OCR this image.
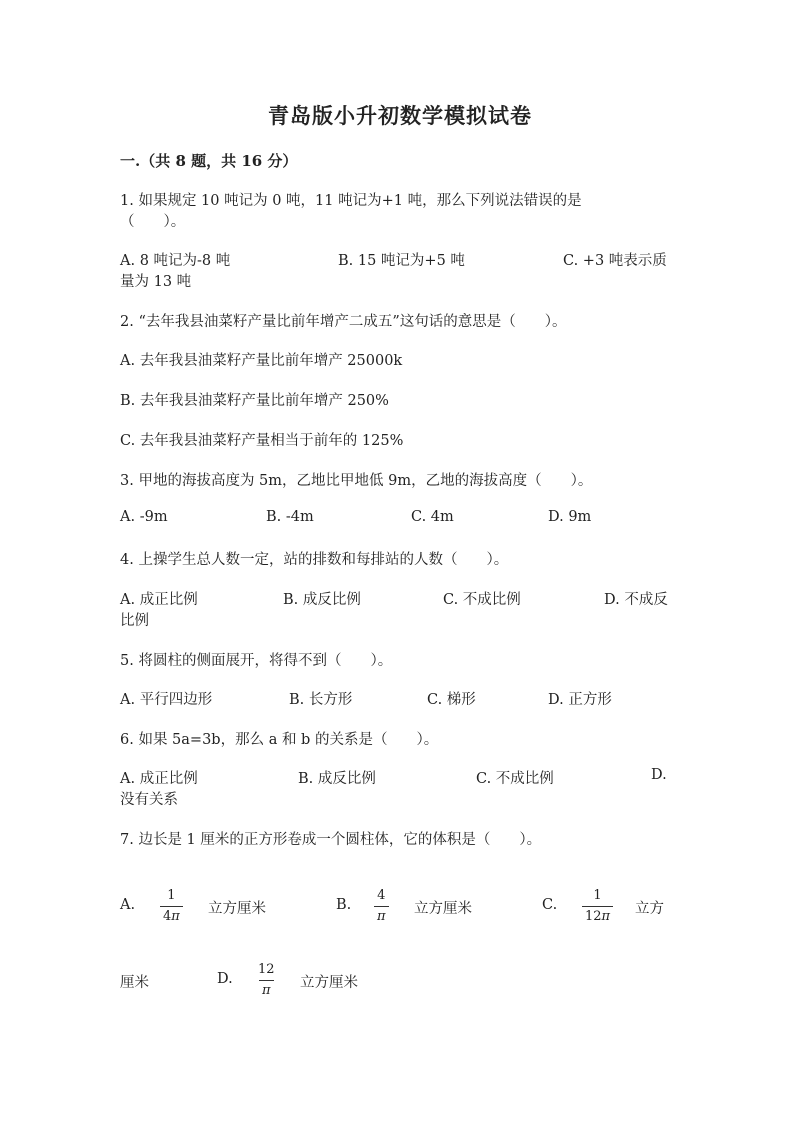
青岛版小升初数学模拟试卷
一.（共 8 题，共 16 分）
1. 如果规定 10 吨记为 0 吨，11 吨记为+1 吨，那么下列说法错误的是
（　　）。
A. 8 吨记为-8 吨	B. 15 吨记为+5 吨	C. +3 吨表示质
量为 13 吨
2. “去年我县油菜籽产量比前年增产二成五”这句话的意思是（　　）。
A. 去年我县油菜籽产量比前年增产 25000k
B. 去年我县油菜籽产量比前年增产 250%
C. 去年我县油菜籽产量相当于前年的 125%
3. 甲地的海拔高度为 5m，乙地比甲地低 9m，乙地的海拔高度（　　）。
A. -9m	B. -4m	C. 4m	D. 9m
4. 上操学生总人数一定，站的排数和每排站的人数（　　）。
A. 成正比例	B. 成反比例	C. 不成比例	D. 不成反
比例
5. 将圆柱的侧面展开，将得不到（　　）。
A. 平行四边形	B. 长方形	C. 梯形	D. 正方形
6. 如果 5a=3b，那么 a 和 b 的关系是（　　）。
A. 成正比例	B. 成反比例	C. 不成比例	D.
没有关系
7. 边长是 1 厘米的正方形卷成一个圆柱体，它的体积是（　　）。
A. $\frac{1}{4\pi}$ 立方厘米	B. $\frac{4}{\pi}$ 立方厘米	C. $\frac{1}{12\pi}$ 立方
厘米	D. $\frac{12}{\pi}$ 立方厘米
